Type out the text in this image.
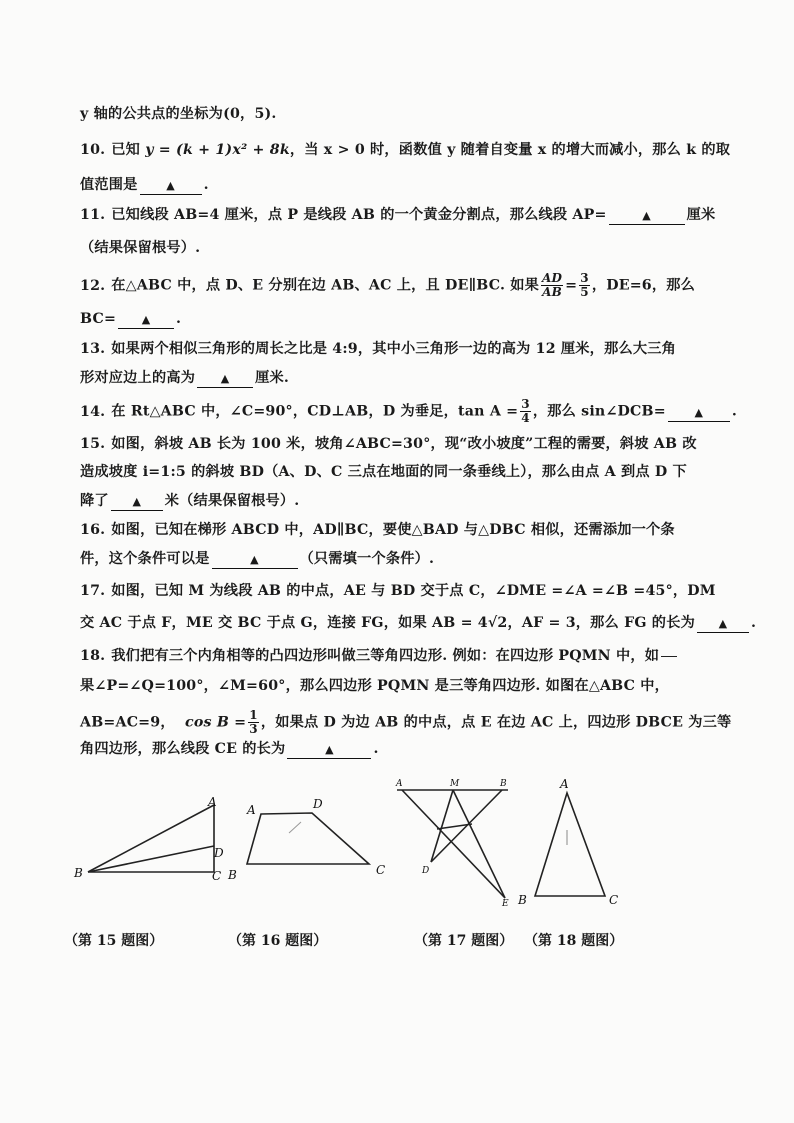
y 轴的公共点的坐标为(0，5).
10. 已知 y = (k + 1)x² + 8k，当 x > 0 时，函数值 y 随着自变量 x 的增大而减小，那么 k 的取
值范围是	▲ .
11. 已知线段 AB=4 厘米，点 P 是线段 AB 的一个黄金分割点，那么线段 AP=	▲	厘米
（结果保留根号）.
12. 在△ABC 中，点 D、E 分别在边 AB、AC 上，且 DE∥BC. 如果 $\frac{AD}{AB} = \frac{3}{5}$ ，DE=6，那么
BC= ▲ .
13. 如果两个相似三角形的周长之比是 4:9，其中小三角形一边的高为 12 厘米，那么大三角
形对应边上的高为 ▲ 厘米.
14. 在 Rt△ABC 中，∠C=90°，CD⊥AB，D 为垂足，$\tan A = \frac{3}{4}$ ，那么 sin∠DCB=	▲ .
15. 如图，斜坡 AB 长为 100 米，坡角∠ABC=30°，现“改小坡度”工程的需要，斜坡 AB 改
造成坡度 i=1:5 的斜坡 BD（A、D、C 三点在地面的同一条垂线上），那么由点 A 到点 D 下
降了 ▲ 米（结果保留根号）.
16. 如图，已知在梯形 ABCD 中，AD∥BC，要使△BAD 与△DBC 相似，还需添加一个条
件，这个条件可以是	▲	（只需填一个条件）.
17. 如图，已知 M 为线段 AB 的中点，AE 与 BD 交于点 C，∠DME =∠A =∠B =45°，DM
交 AC 于点 F，ME 交 BC 于点 G，连接 FG，如果 AB = 4√2，AF = 3，那么 FG 的长为 ▲ .
18. 我们把有三个内角相等的凸四边形叫做三等角四边形. 例如：在四边形 PQMN 中，如
果∠P=∠Q=100°，∠M=60°，那么四边形 PQMN 是三等角四边形. 如图在△ABC 中，
AB=AC=9， $\cos B = \frac{1}{3}$ ，如果点 D 为边 AB 的中点，点 E 在边 AC 上，四边形 DBCE 为三等
角四边形，那么线段 CE 的长为	▲	.
A
B	C
D
A	D
B	C
A	M	B
D
E
A
B	C
（第 15 题图）	（第 16 题图）	（第 17 题图） （第 18 题图）
